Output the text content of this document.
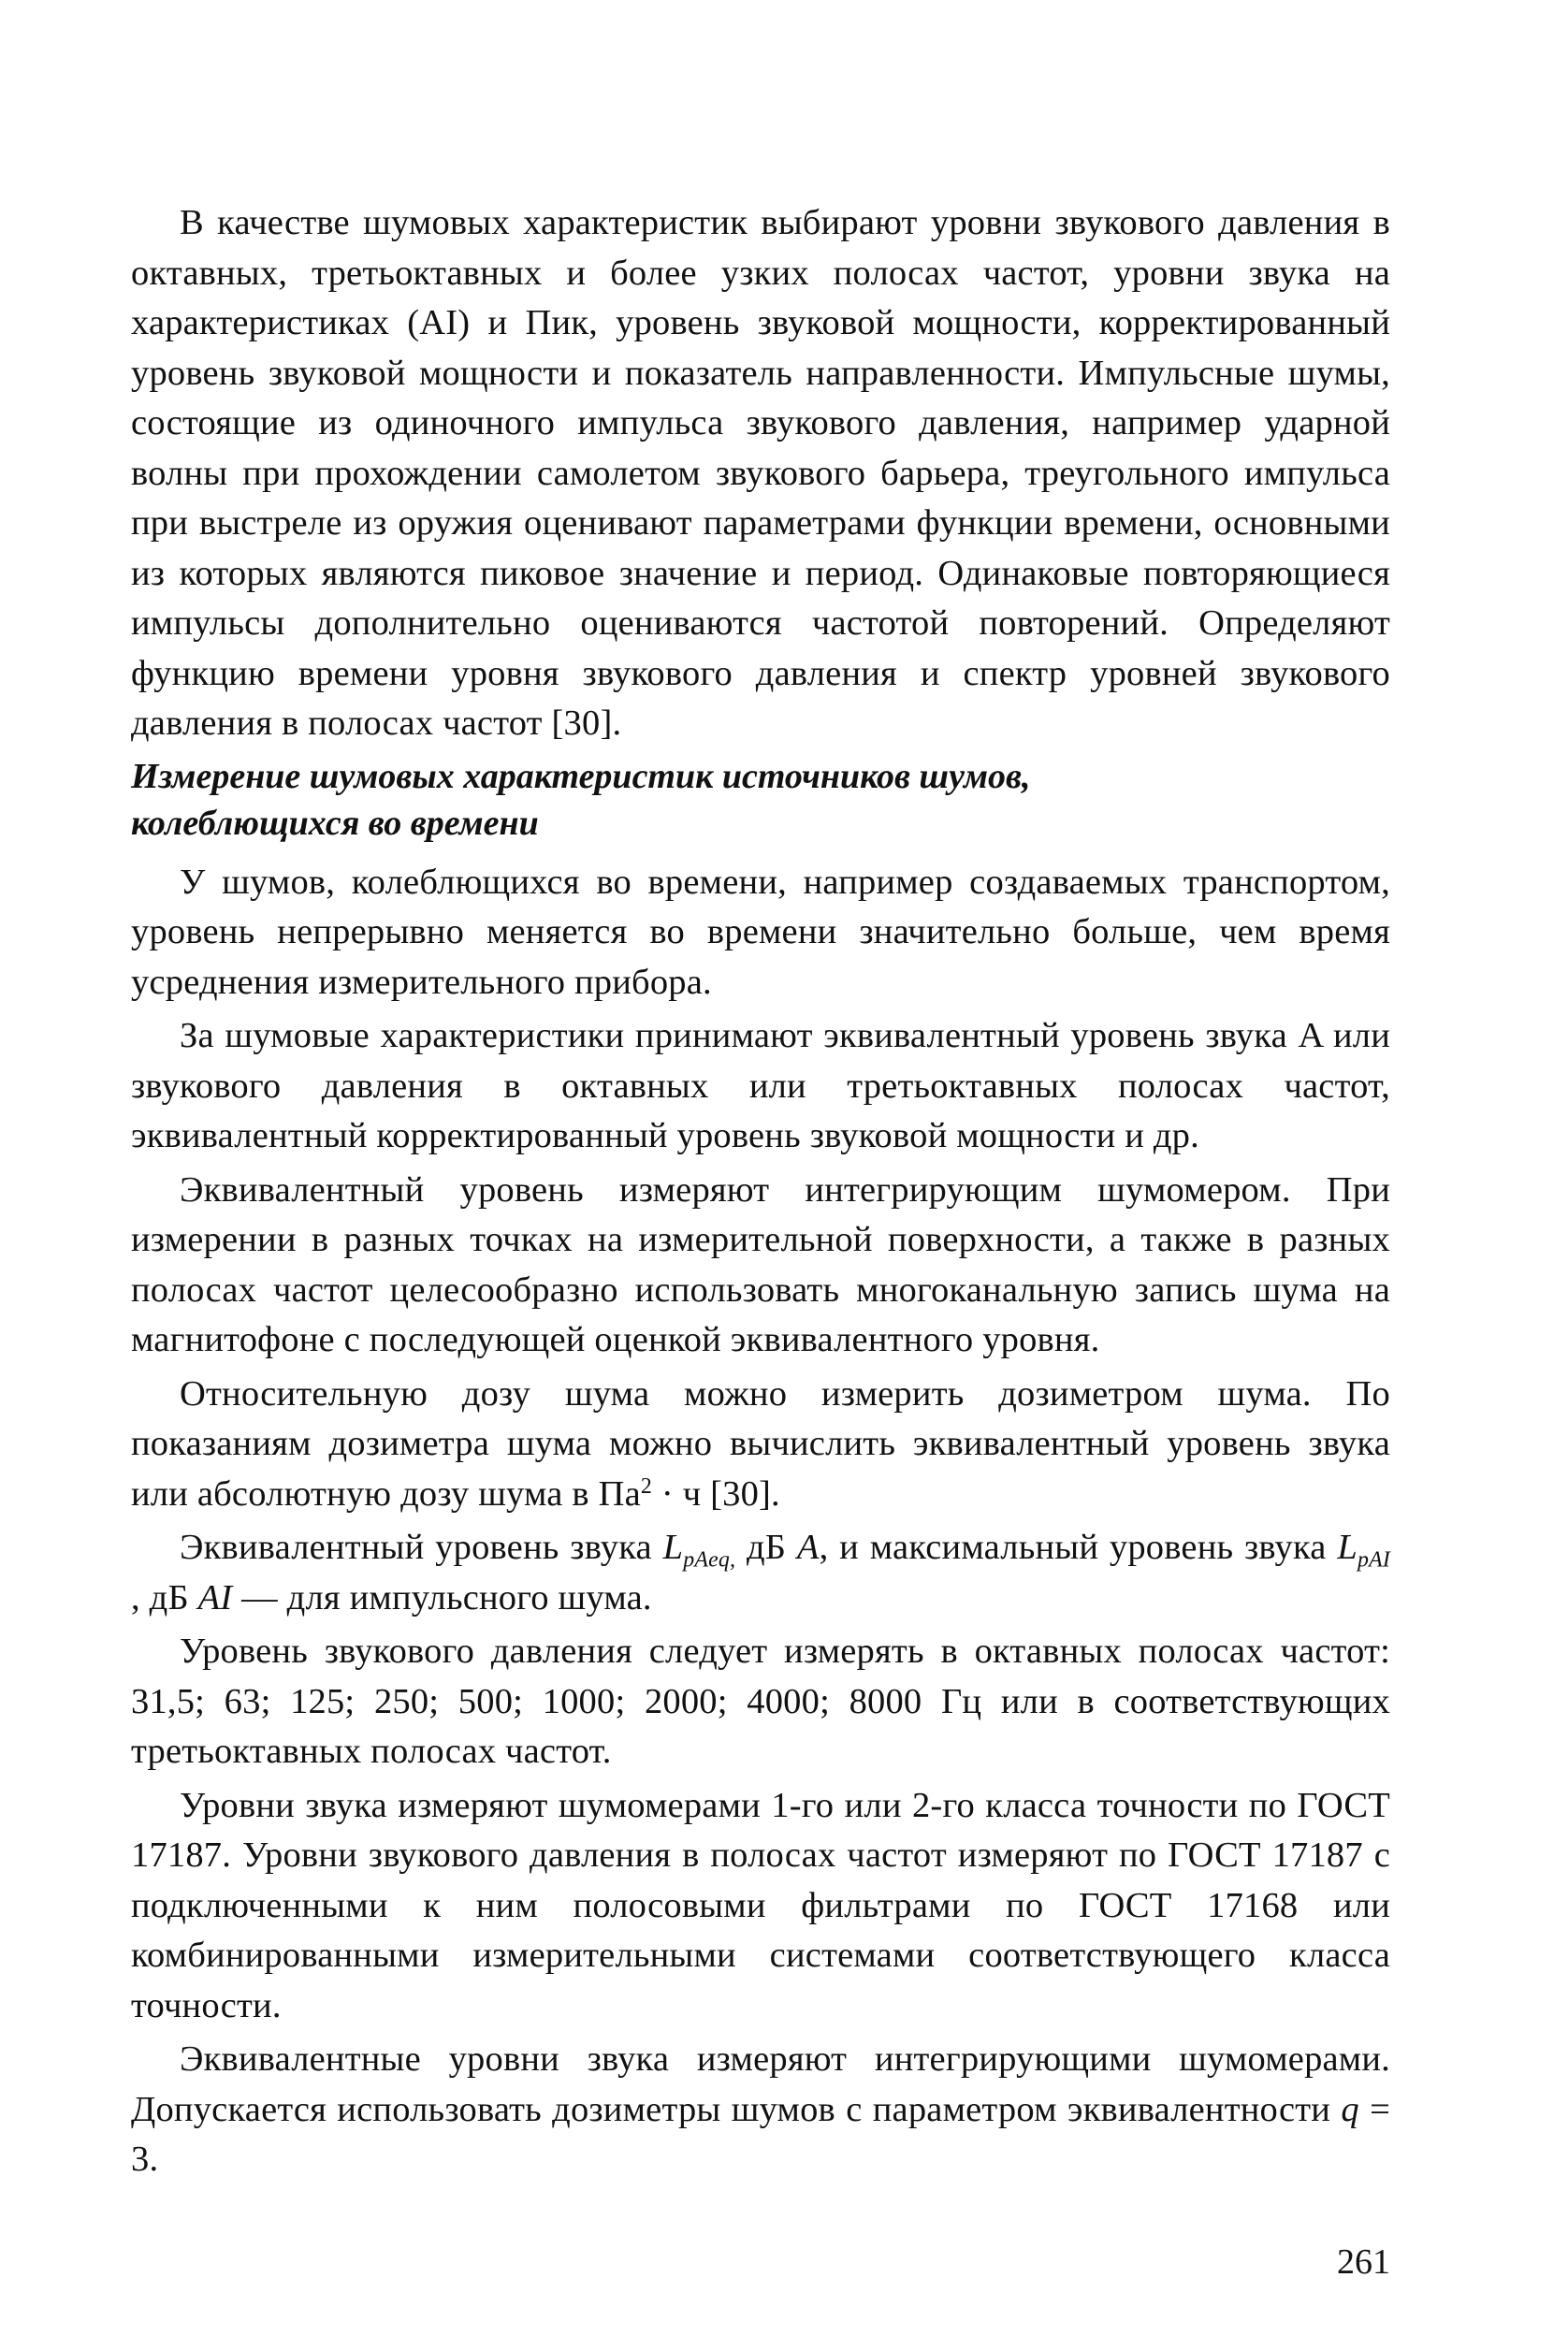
В качестве шумовых характеристик выбирают уровни звукового давления в октавных, третьоктавных и более узких полосах частот, уровни звука на характеристиках (AI) и Пик, уровень звуковой мощности, корректированный уровень звуковой мощности и показатель направленности. Импульсные шумы, состоящие из одиночного импульса звукового давления, например ударной волны при прохождении самолетом звукового барьера, треугольного импульса при выстреле из оружия оценивают параметрами функции времени, основными из которых являются пиковое значение и период. Одинаковые повторяющиеся импульсы дополнительно оцениваются частотой повторений. Определяют функцию времени уровня звукового давления и спектр уровней звукового давления в полосах частот [30].

Измерение шумовых характеристик источников шумов,
колеблющихся во времени

У шумов, колеблющихся во времени, например создаваемых транспортом, уровень непрерывно меняется во времени значительно больше, чем время усреднения измерительного прибора.

За шумовые характеристики принимают эквивалентный уровень звука A или звукового давления в октавных или третьоктавных полосах частот, эквивалентный корректированный уровень звуковой мощности и др.

Эквивалентный уровень измеряют интегрирующим шумомером. При измерении в разных точках на измерительной поверхности, а также в разных полосах частот целесообразно использовать многоканальную запись шума на магнитофоне с последующей оценкой эквивалентного уровня.

Относительную дозу шума можно измерить дозиметром шума. По показаниям дозиметра шума можно вычислить эквивалентный уровень звука или абсолютную дозу шума в $Па^2 \cdot ч$ [30].

Эквивалентный уровень звука $L_{pAeq,}$ дБ A, и максимальный уровень звука $L_{pAI}$ , дБ AI — для импульсного шума.

Уровень звукового давления следует измерять в октавных полосах частот: 31,5; 63; 125; 250; 500; 1000; 2000; 4000; 8000 Гц или в соответствующих третьоктавных полосах частот.

Уровни звука измеряют шумомерами 1-го или 2-го класса точности по ГОСТ 17187. Уровни звукового давления в полосах частот измеряют по ГОСТ 17187 с подключенными к ним полосовыми фильтрами по ГОСТ 17168 или комбинированными измерительными системами соответствующего класса точности.

Эквивалентные уровни звука измеряют интегрирующими шумомерами. Допускается использовать дозиметры шумов с параметром эквивалентности q = 3.

261
